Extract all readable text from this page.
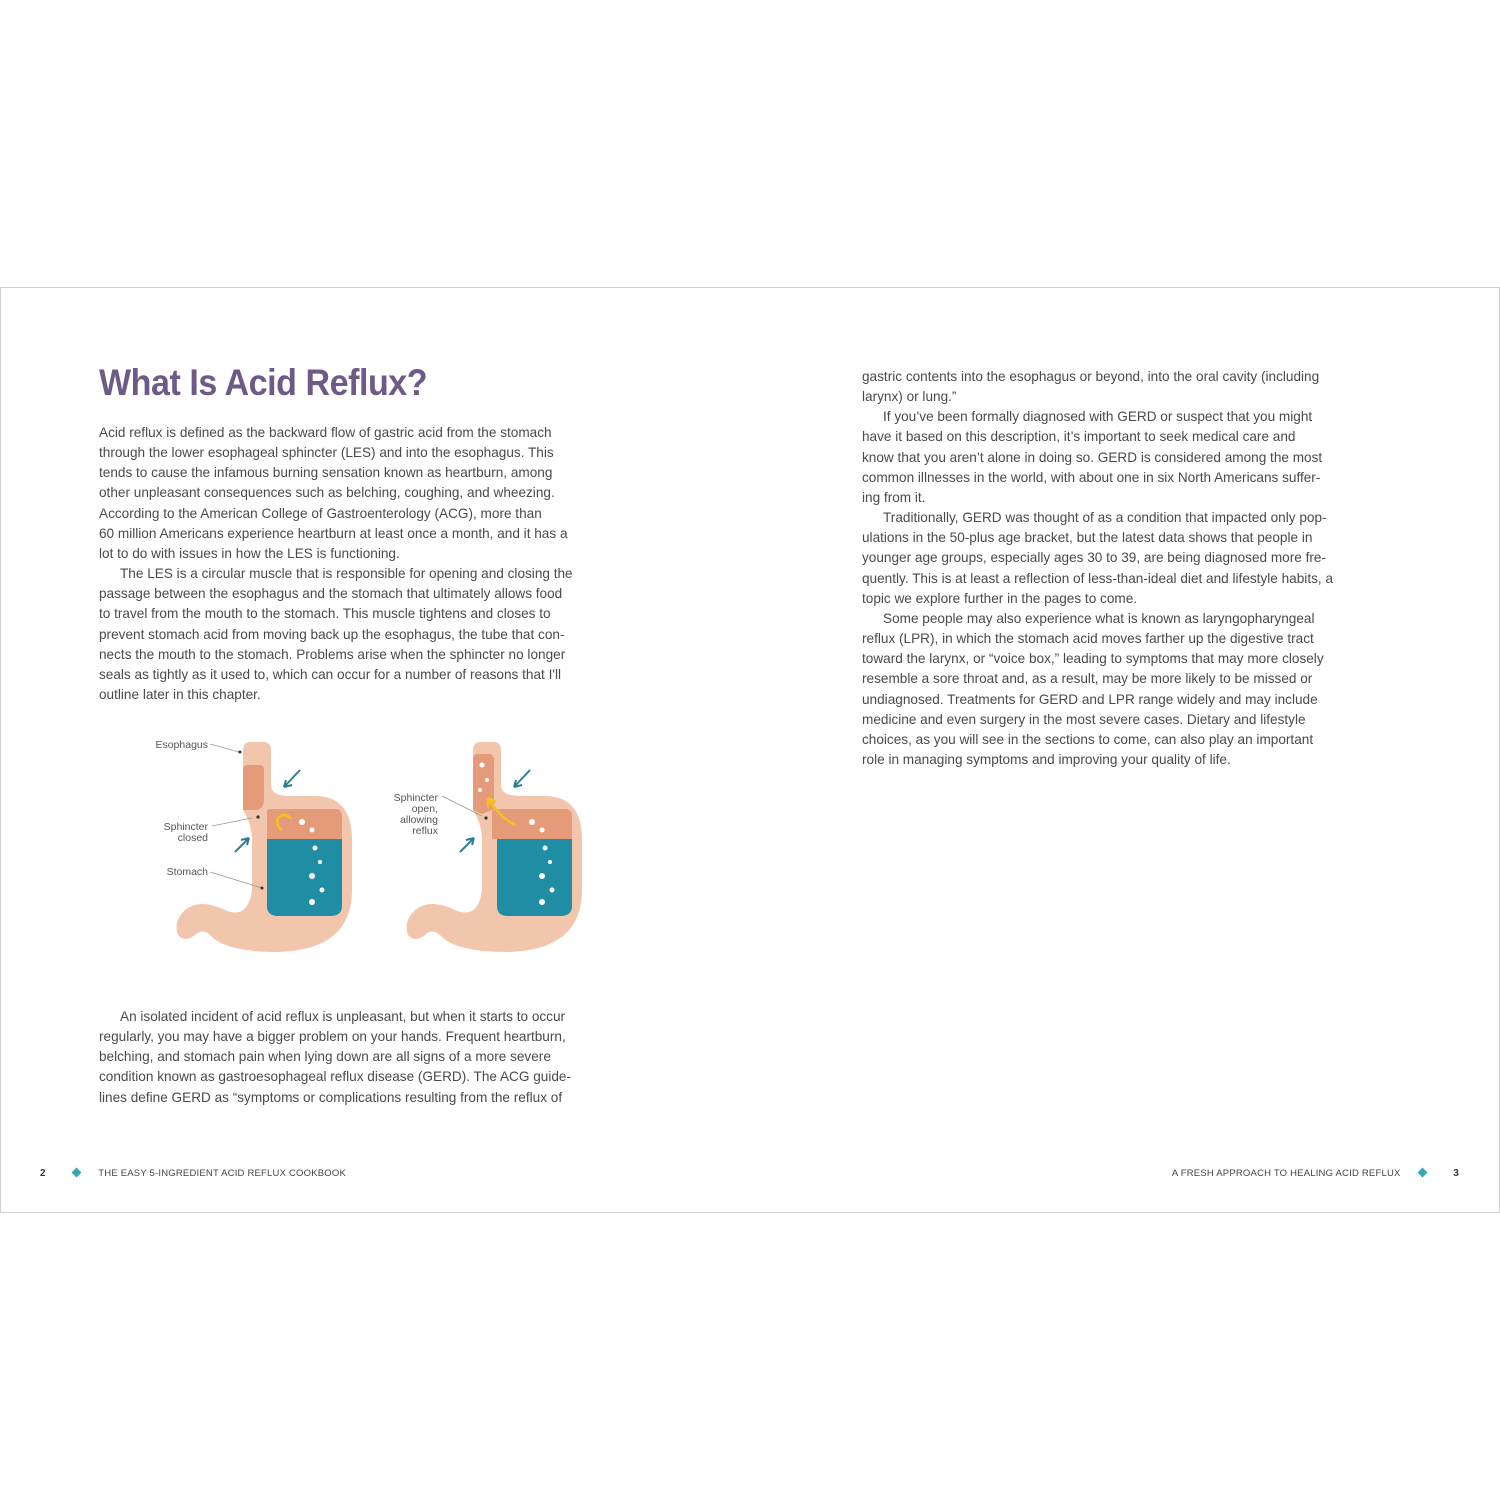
What Is Acid Reflux?

Acid reflux is defined as the backward flow of gastric acid from the stomach

through the lower esophageal sphincter (LES) and into the esophagus. This

tends to cause the infamous burning sensation known as heartburn, among

other unpleasant consequences such as belching, coughing, and wheezing.

According to the American College of Gastroenterology (ACG), more than

60 million Americans experience heartburn at least once a month, and it has a

lot to do with issues in how the LES is functioning.

The LES is a circular muscle that is responsible for opening and closing the

passage between the esophagus and the stomach that ultimately allows food

to travel from the mouth to the stomach. This muscle tightens and closes to

prevent stomach acid from moving back up the esophagus, the tube that con-

nects the mouth to the stomach. Problems arise when the sphincter no longer

seals as tightly as it used to, which can occur for a number of reasons that I'll

outline later in this chapter.

Esophagus
Sphincter
closed
Stomach
Sphincter
open,
allowing
reflux

An isolated incident of acid reflux is unpleasant, but when it starts to occur

regularly, you may have a bigger problem on your hands. Frequent heartburn,

belching, and stomach pain when lying down are all signs of a more severe

condition known as gastroesophageal reflux disease (GERD). The ACG guide-

lines define GERD as “symptoms or complications resulting from the reflux of

gastric contents into the esophagus or beyond, into the oral cavity (including

larynx) or lung.”

If you’ve been formally diagnosed with GERD or suspect that you might

have it based on this description, it’s important to seek medical care and

know that you aren’t alone in doing so. GERD is considered among the most

common illnesses in the world, with about one in six North Americans suffer-

ing from it.

Traditionally, GERD was thought of as a condition that impacted only pop-

ulations in the 50-plus age bracket, but the latest data shows that people in

younger age groups, especially ages 30 to 39, are being diagnosed more fre-

quently. This is at least a reflection of less-than-ideal diet and lifestyle habits, a

topic we explore further in the pages to come.

Some people may also experience what is known as laryngopharyngeal

reflux (LPR), in which the stomach acid moves farther up the digestive tract

toward the larynx, or “voice box,” leading to symptoms that may more closely

resemble a sore throat and, as a result, may be more likely to be missed or

undiagnosed. Treatments for GERD and LPR range widely and may include

medicine and even surgery in the most severe cases. Dietary and lifestyle

choices, as you will see in the sections to come, can also play an important

role in managing symptoms and improving your quality of life.

2	THE EASY 5-INGREDIENT ACID REFLUX COOKBOOK	A FRESH APPROACH TO HEALING ACID REFLUX	3
